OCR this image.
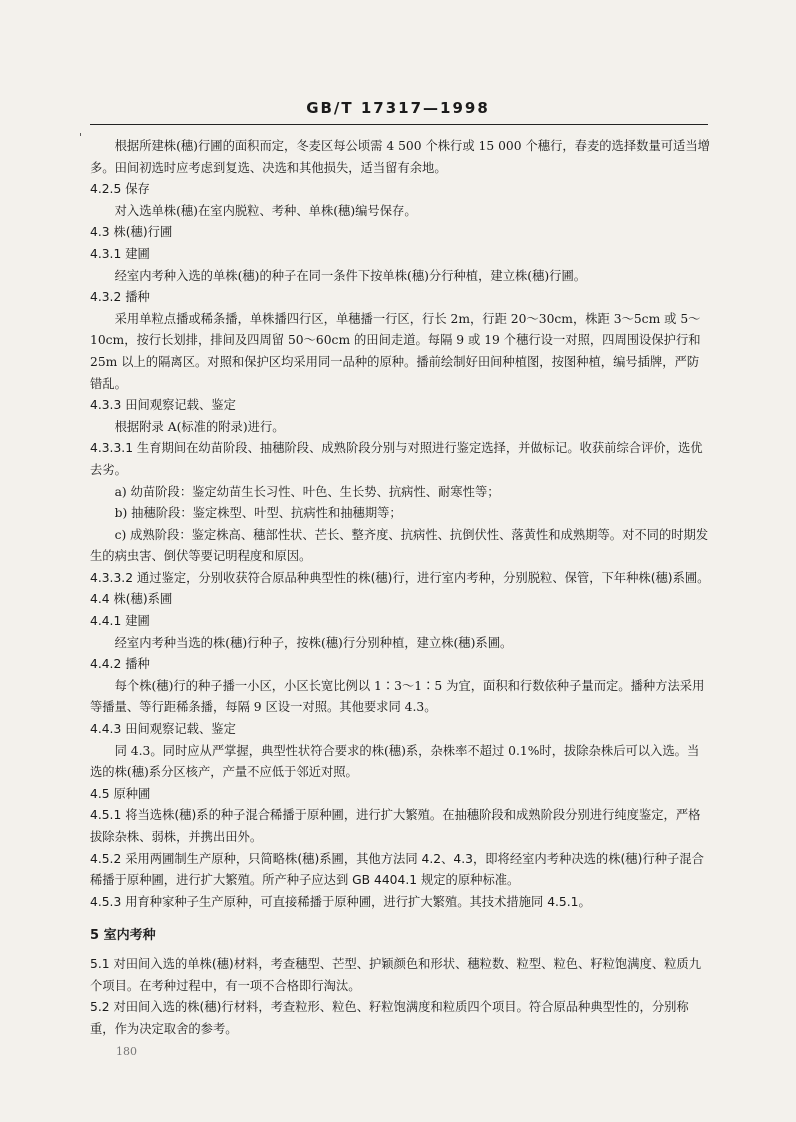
GB/T 17317—1998
'

根据所建株(穗)行圃的面积而定，冬麦区每公顷需 4 500 个株行或 15 000 个穗行，春麦的选择数量可适当增多。田间初选时应考虑到复选、决选和其他损失，适当留有余地。

4.2.5 保存

对入选单株(穗)在室内脱粒、考种、单株(穗)编号保存。

4.3 株(穗)行圃

4.3.1 建圃

经室内考种入选的单株(穗)的种子在同一条件下按单株(穗)分行种植，建立株(穗)行圃。

4.3.2 播种

采用单粒点播或稀条播，单株播四行区，单穗播一行区，行长 2m，行距 20～30cm，株距 3～5cm 或 5～10cm，按行长划排，排间及四周留 50～60cm 的田间走道。每隔 9 或 19 个穗行设一对照，四周围设保护行和 25m 以上的隔离区。对照和保护区均采用同一品种的原种。播前绘制好田间种植图，按图种植，编号插牌，严防错乱。

4.3.3 田间观察记载、鉴定

根据附录 A(标准的附录)进行。

4.3.3.1 生育期间在幼苗阶段、抽穗阶段、成熟阶段分别与对照进行鉴定选择，并做标记。收获前综合评价，选优去劣。

a) 幼苗阶段：鉴定幼苗生长习性、叶色、生长势、抗病性、耐寒性等；

b) 抽穗阶段：鉴定株型、叶型、抗病性和抽穗期等；

c) 成熟阶段：鉴定株高、穗部性状、芒长、整齐度、抗病性、抗倒伏性、落黄性和成熟期等。对不同的时期发生的病虫害、倒伏等要记明程度和原因。

4.3.3.2 通过鉴定，分别收获符合原品种典型性的株(穗)行，进行室内考种，分别脱粒、保管，下年种株(穗)系圃。

4.4 株(穗)系圃

4.4.1 建圃

经室内考种当选的株(穗)行种子，按株(穗)行分别种植，建立株(穗)系圃。

4.4.2 播种

每个株(穗)行的种子播一小区，小区长宽比例以 1∶3～1∶5 为宜，面积和行数依种子量而定。播种方法采用等播量、等行距稀条播，每隔 9 区设一对照。其他要求同 4.3。

4.4.3 田间观察记载、鉴定

同 4.3。同时应从严掌握，典型性状符合要求的株(穗)系，杂株率不超过 0.1%时，拔除杂株后可以入选。当选的株(穗)系分区核产，产量不应低于邻近对照。

4.5 原种圃

4.5.1 将当选株(穗)系的种子混合稀播于原种圃，进行扩大繁殖。在抽穗阶段和成熟阶段分别进行纯度鉴定，严格拔除杂株、弱株，并携出田外。

4.5.2 采用两圃制生产原种，只简略株(穗)系圃，其他方法同 4.2、4.3，即将经室内考种决选的株(穗)行种子混合稀播于原种圃，进行扩大繁殖。所产种子应达到 GB 4404.1 规定的原种标准。

4.5.3 用育种家种子生产原种，可直接稀播于原种圃，进行扩大繁殖。其技术措施同 4.5.1。

5 室内考种

5.1 对田间入选的单株(穗)材料，考查穗型、芒型、护颖颜色和形状、穗粒数、粒型、粒色、籽粒饱满度、粒质九个项目。在考种过程中，有一项不合格即行淘汰。

5.2 对田间入选的株(穗)行材料，考查粒形、粒色、籽粒饱满度和粒质四个项目。符合原品种典型性的，分别称重，作为决定取舍的参考。

180
